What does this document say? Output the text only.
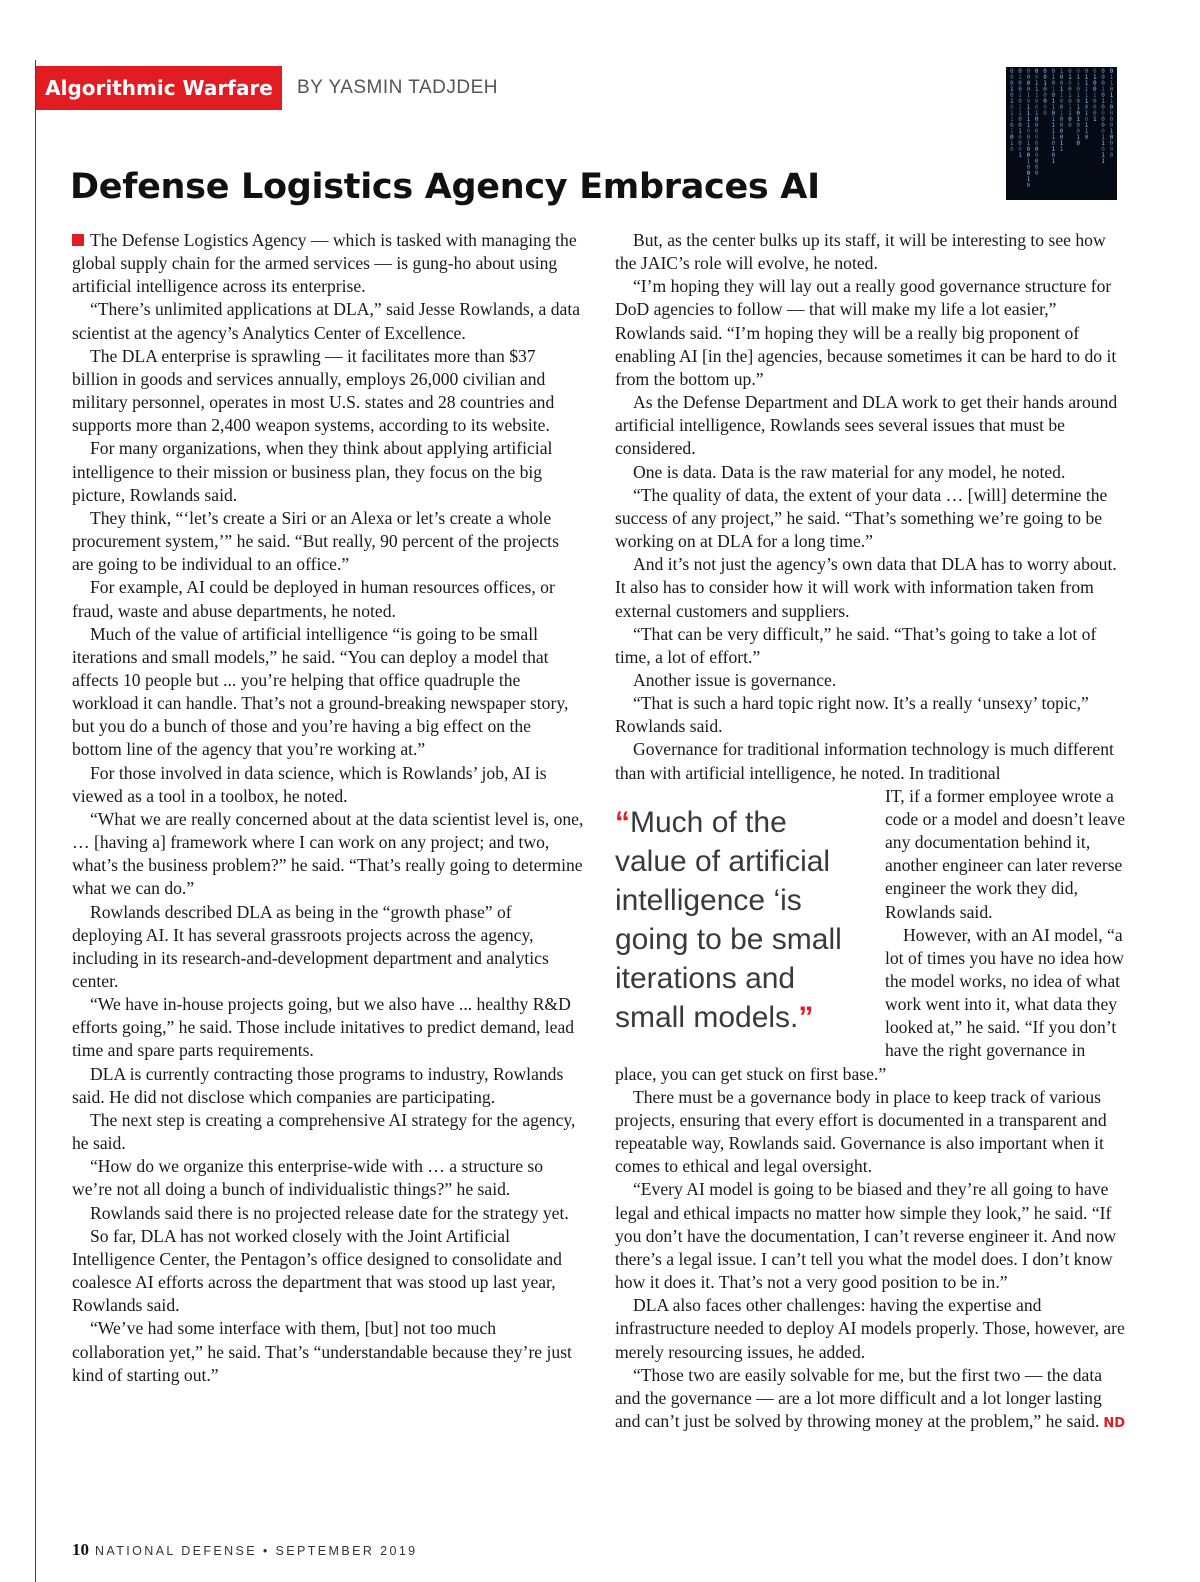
Algorithmic Warfare	BY YASMIN TADJDEH
0
0
0
1
0
1
0
1
1
0
1
0
1
0
0
1
0
0
1
0
1
1
0
0
1
0
0
0
1
0
0
0
0
1
0
1
1
1
1
0
0
1
0
0
1
0
0
1
0
0
0
1
1
1
0
0
1
0
0
0
0
0
0
0
0
0
0
0
0
1
0
0
0
0
0
0
1
0
1
0
1
1
0
1
1
1
1
0
1
0
1
1
0
0
1
1
0
0
1
0
0
0
0
1
1
0
1
0
0
1
0
1
1
0
0
0
1
1
0
1
0
1
0
1
0
0
1
0
0
1
1
1
1
1
0
1
0
1
1
0
0
1
0
0
1
0
0
0
1
0
0
0
1
0
1
0
0
0
0
0
1
1
0
1
1
0
1
1
0
1
1
0
0
0
0
1
0
0
0
0
Defense Logistics Agency Embraces AI

The Defense Logistics Agency — which is tasked with managing the global supply chain for the armed services — is gung-ho about using artificial intelligence across its enterprise.

“There’s unlimited applications at DLA,” said Jesse Rowlands, a data scientist at the agency’s Analytics Center of Excellence.

The DLA enterprise is sprawling — it facilitates more than $37 billion in goods and services annually, employs 26,000 civilian and military personnel, operates in most U.S. states and 28 countries and supports more than 2,400 weapon systems, according to its website.

For many organizations, when they think about applying artificial intelligence to their mission or business plan, they focus on the big picture, Rowlands said.

They think, “‘let’s create a Siri or an Alexa or let’s create a whole procurement system,’” he said. “But really, 90 percent of the projects are going to be individual to an office.”

For example, AI could be deployed in human resources offices, or fraud, waste and abuse departments, he noted.

Much of the value of artificial intelligence “is going to be small iterations and small models,” he said. “You can deploy a model that affects 10 people but ... you’re helping that office quadruple the workload it can handle. That’s not a ground-breaking newspaper story, but you do a bunch of those and you’re having a big effect on the bottom line of the agency that you’re working at.”

For those involved in data science, which is Rowlands’ job, AI is viewed as a tool in a toolbox, he noted.

“What we are really concerned about at the data scientist level is, one, … [having a] framework where I can work on any project; and two, what’s the business problem?” he said. “That’s really going to determine what we can do.”

Rowlands described DLA as being in the “growth phase” of deploying AI. It has several grassroots projects across the agency, including in its research-and-development department and analytics center.

“We have in-house projects going, but we also have ... healthy R&D efforts going,” he said. Those include initatives to predict demand, lead time and spare parts requirements.

DLA is currently contracting those programs to industry, Rowlands said. He did not disclose which companies are participating.

The next step is creating a comprehensive AI strategy for the agency, he said.

“How do we organize this enterprise-wide with … a structure so we’re not all doing a bunch of individualistic things?” he said.

Rowlands said there is no projected release date for the strategy yet.

So far, DLA has not worked closely with the Joint Artificial Intelligence Center, the Pentagon’s office designed to consolidate and coalesce AI efforts across the department that was stood up last year, Rowlands said.

“We’ve had some interface with them, [but] not too much collaboration yet,” he said. That’s “understandable because they’re just kind of starting out.”

But, as the center bulks up its staff, it will be interesting to see how the JAIC’s role will evolve, he noted.

“I’m hoping they will lay out a really good governance structure for DoD agencies to follow — that will make my life a lot easier,” Rowlands said. “I’m hoping they will be a really big proponent of enabling AI [in the] agencies, because sometimes it can be hard to do it from the bottom up.”

As the Defense Department and DLA work to get their hands around artificial intelligence, Rowlands sees several issues that must be considered.

One is data. Data is the raw material for any model, he noted.

“The quality of data, the extent of your data … [will] determine the success of any project,” he said. “That’s something we’re going to be working on at DLA for a long time.”

And it’s not just the agency’s own data that DLA has to worry about. It also has to consider how it will work with information taken from external customers and suppliers.

“That can be very difficult,” he said. “That’s going to take a lot of time, a lot of effort.”

Another issue is governance.

“That is such a hard topic right now. It’s a really ‘unsexy’ topic,” Rowlands said.

Governance for traditional information technology is much different than with artificial intelligence, he noted. In traditional

“Much of the value of artificial intelligence ‘is going to be small iterations and small models.”

IT, if a former employee wrote a code or a model and doesn’t leave any documentation behind it, another engineer can later reverse engineer the work they did, Rowlands said.

However, with an AI model, “a lot of times you have no idea how the model works, no idea of what work went into it, what data they looked at,” he said. “If you don’t have the right governance in place, you can get stuck on first base.”

There must be a governance body in place to keep track of various projects, ensuring that every effort is documented in a transparent and repeatable way, Rowlands said. Governance is also important when it comes to ethical and legal oversight.

“Every AI model is going to be biased and they’re all going to have legal and ethical impacts no matter how simple they look,” he said. “If you don’t have the documentation, I can’t reverse engineer it. And now there’s a legal issue. I can’t tell you what the model does. I don’t know how it does it. That’s not a very good position to be in.”

DLA also faces other challenges: having the expertise and infrastructure needed to deploy AI models properly. Those, however, are merely resourcing issues, he added.

“Those two are easily solvable for me, but the first two — the data and the governance — are a lot more difficult and a lot longer lasting and can’t just be solved by throwing money at the problem,” he said. ND

10 NATIONAL DEFENSE • SEPTEMBER 2019
